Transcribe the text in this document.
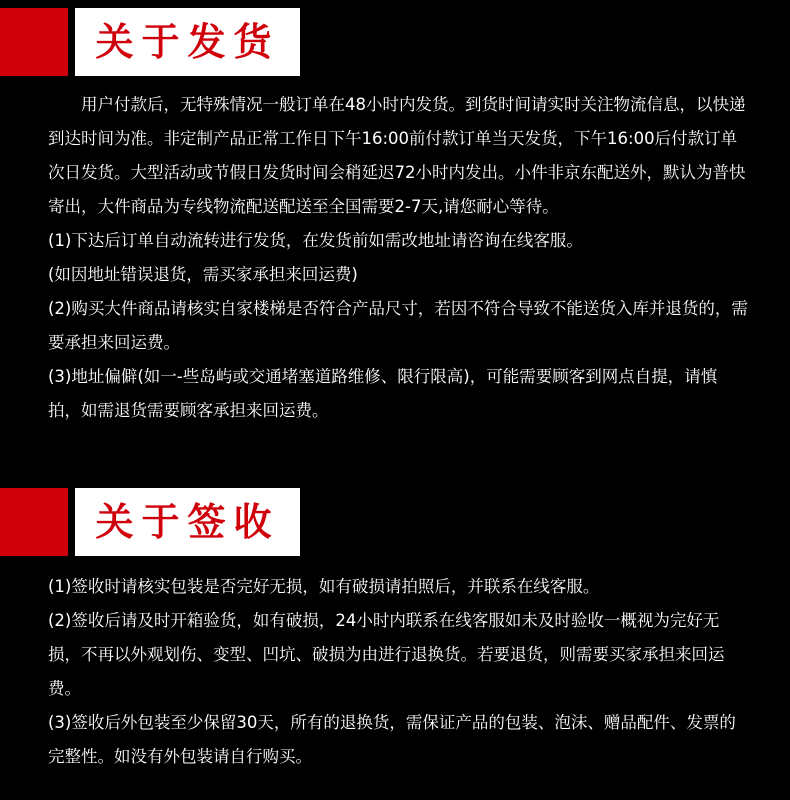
关于发货

用户付款后，无特殊情况一般订单在48小时内发货。到货时间请实时关注物流信息，以快递到达时间为准。非定制产品正常工作日下午16:00前付款订单当天发货，下午16:00后付款订单次日发货。大型活动或节假日发货时间会稍延迟72小时内发出。小件非京东配送外，默认为普快寄出，大件商品为专线物流配送配送至全国需要2-7天,请您耐心等待。

(1)下达后订单自动流转进行发货，在发货前如需改地址请咨询在线客服。

(如因地址错误退货，需买家承担来回运费)

(2)购买大件商品请核实自家楼梯是否符合产品尺寸，若因不符合导致不能送货入库并退货的，需要承担来回运费。

(3)地址偏僻(如一-些岛屿或交通堵塞道路维修、限行限高)，可能需要顾客到网点自提，请慎拍，如需退货需要顾客承担来回运费。

关于签收

(1)签收时请核实包装是否完好无损，如有破损请拍照后，并联系在线客服。

(2)签收后请及时开箱验货，如有破损，24小时内联系在线客服如未及时验收一概视为完好无损，不再以外观划伤、变型、凹坑、破损为由进行退换货。若要退货，则需要买家承担来回运费。

(3)签收后外包装至少保留30天，所有的退换货，需保证产品的包装、泡沫、赠品配件、发票的完整性。如没有外包装请自行购买。
